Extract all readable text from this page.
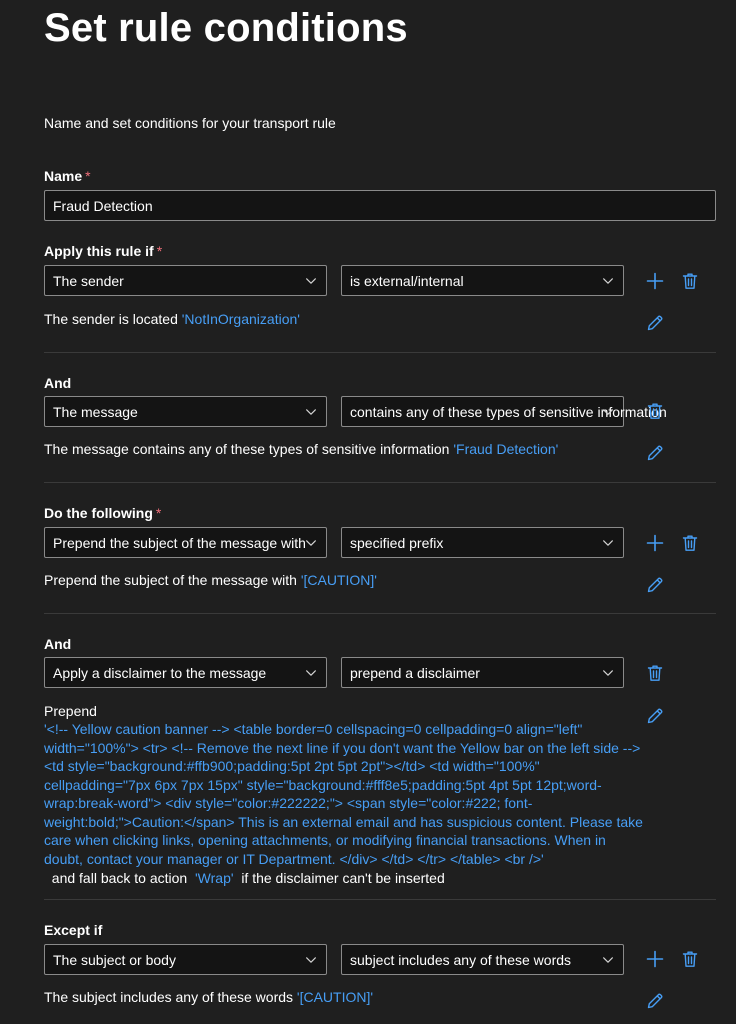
Set rule conditions
Name and set conditions for your transport rule
Name *
Fraud Detection
Apply this rule if *
The sender	is external/internal
The sender is located 'NotInOrganization'
And
The message	contains any of these types of sensitive information
The message contains any of these types of sensitive information 'Fraud Detection'
Do the following *
Prepend the subject of the message with	specified prefix
Prepend the subject of the message with '[CAUTION]'
And
Apply a disclaimer to the message	prepend a disclaimer
Prepend
'<!-- Yellow caution banner --> <table border=0 cellspacing=0 cellpadding=0 align="left" width="100%"> <tr> <!-- Remove the next line if you don't want the Yellow bar on the left side --> <td style="background:#ffb900;padding:5pt 2pt 5pt 2pt"></td> <td width="100%" cellpadding="7px 6px 7px 15px" style="background:#fff8e5;padding:5pt 4pt 5pt 12pt;word-wrap:break-word"> <div style="color:#222222;"> <span style="color:#222; font-weight:bold;">Caution:</span> This is an external email and has suspicious content. Please take care when clicking links, opening attachments, or modifying financial transactions. When in doubt, contact your manager or IT Department. </div> </td> </tr> </table> <br />'
and fall back to action 'Wrap' if the disclaimer can't be inserted
Except if
The subject or body	subject includes any of these words
The subject includes any of these words '[CAUTION]'
